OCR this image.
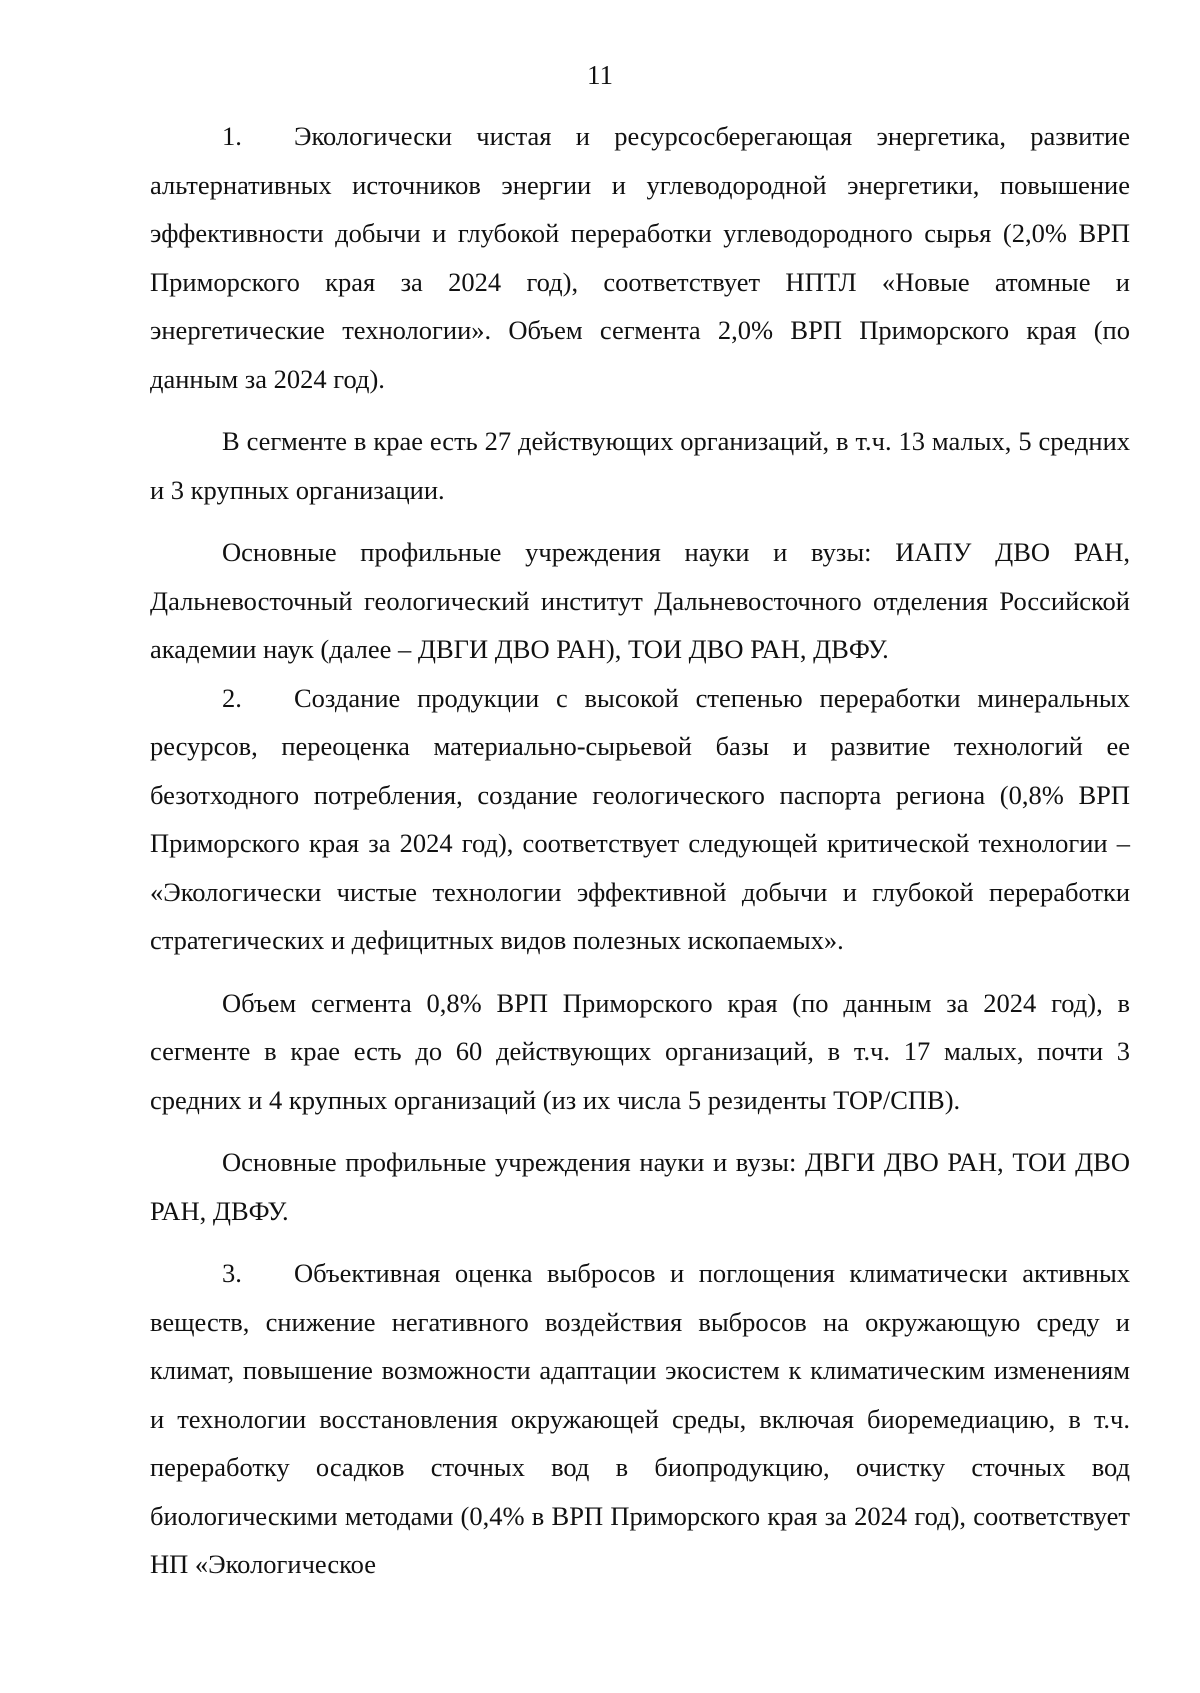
11

1. Экологически чистая и ресурсосберегающая энергетика, развитие альтернативных источников энергии и углеводородной энергетики, повышение эффективности добычи и глубокой переработки углеводородного сырья (2,0% ВРП Приморского края за 2024 год), соответствует НПТЛ «Новые атомные и энергетические технологии». Объем сегмента 2,0% ВРП Приморского края (по данным за 2024 год).

В сегменте в крае есть 27 действующих организаций, в т.ч. 13 малых, 5 средних и 3 крупных организации.

Основные профильные учреждения науки и вузы: ИАПУ ДВО РАН, Дальневосточный геологический институт Дальневосточного отделения Российской академии наук (далее – ДВГИ ДВО РАН), ТОИ ДВО РАН, ДВФУ.

2. Создание продукции с высокой степенью переработки минеральных ресурсов, переоценка материально-сырьевой базы и развитие технологий ее безотходного потребления, создание геологического паспорта региона (0,8% ВРП Приморского края за 2024 год), соответствует следующей критической технологии – «Экологически чистые технологии эффективной добычи и глубокой переработки стратегических и дефицитных видов полезных ископаемых».

Объем сегмента 0,8% ВРП Приморского края (по данным за 2024 год), в сегменте в крае есть до 60 действующих организаций, в т.ч. 17 малых, почти 3 средних и 4 крупных организаций (из их числа 5 резиденты ТОР/СПВ).

Основные профильные учреждения науки и вузы: ДВГИ ДВО РАН, ТОИ ДВО РАН, ДВФУ.

3. Объективная оценка выбросов и поглощения климатически активных веществ, снижение негативного воздействия выбросов на окружающую среду и климат, повышение возможности адаптации экосистем к климатическим изменениям и технологии восстановления окружающей среды, включая биоремедиацию, в т.ч. переработку осадков сточных вод в биопродукцию, очистку сточных вод биологическими методами (0,4% в ВРП Приморского края за 2024 год), соответствует НП «Экологическое
